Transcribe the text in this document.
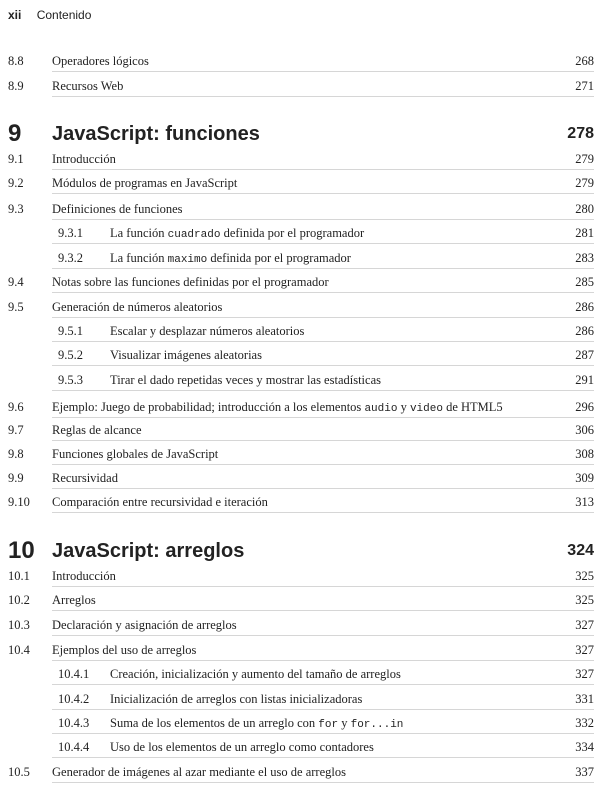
xii Contenido
8.8 Operadores lógicos	268
8.9 Recursos Web	271
9 JavaScript: funciones	278
9.1 Introducción	279
9.2 Módulos de programas en JavaScript	279
9.3 Definiciones de funciones	280
9.3.1 La función cuadrado definida por el programador	281
9.3.2 La función maximo definida por el programador	283
9.4 Notas sobre las funciones definidas por el programador	285
9.5 Generación de números aleatorios	286
9.5.1 Escalar y desplazar números aleatorios	286
9.5.2 Visualizar imágenes aleatorias	287
9.5.3 Tirar el dado repetidas veces y mostrar las estadísticas	291
9.6 Ejemplo: Juego de probabilidad; introducción a los elementos audio y video de HTML5	296
9.7 Reglas de alcance	306
9.8 Funciones globales de JavaScript	308
9.9 Recursividad	309
9.10 Comparación entre recursividad e iteración	313
10 JavaScript: arreglos	324
10.1 Introducción	325
10.2 Arreglos	325
10.3 Declaración y asignación de arreglos	327
10.4 Ejemplos del uso de arreglos	327
10.4.1 Creación, inicialización y aumento del tamaño de arreglos	327
10.4.2 Inicialización de arreglos con listas inicializadoras	331
10.4.3 Suma de los elementos de un arreglo con for y for...in	332
10.4.4 Uso de los elementos de un arreglo como contadores	334
10.5 Generador de imágenes al azar mediante el uso de arreglos	337
